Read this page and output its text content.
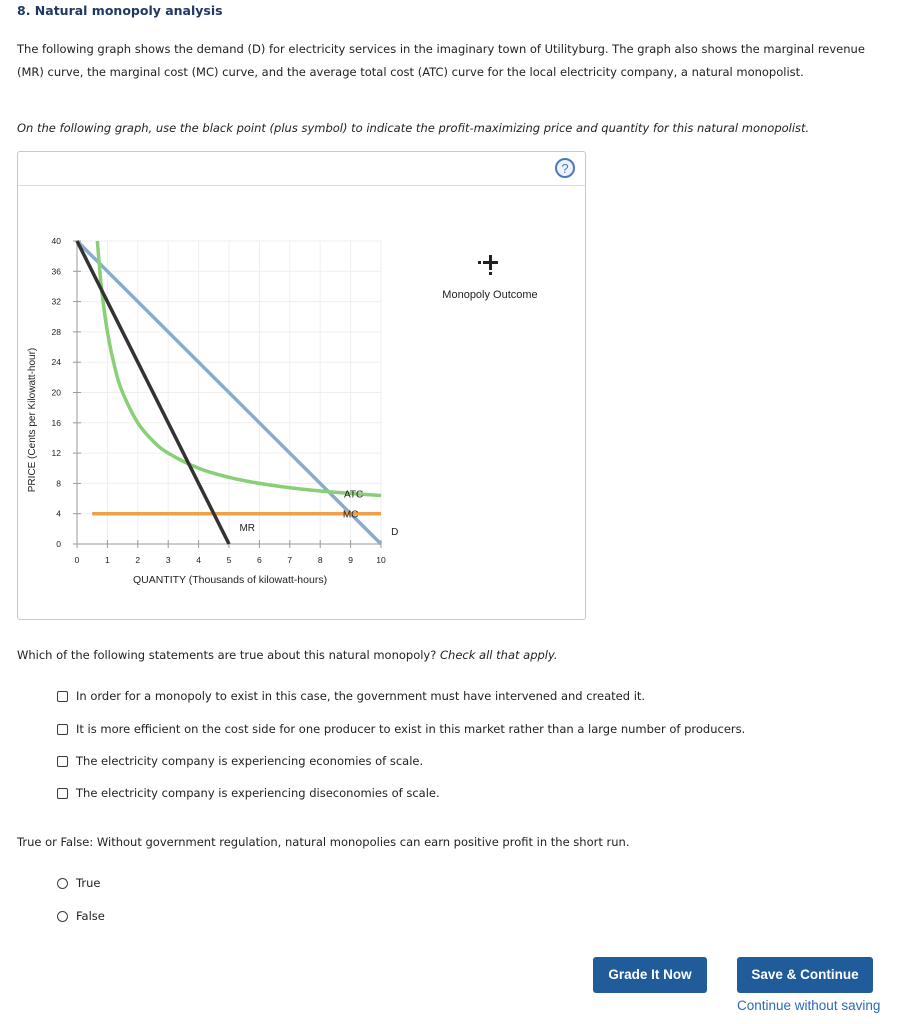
8. Natural monopoly analysis
The following graph shows the demand (D) for electricity services in the imaginary town of Utilityburg. The graph also shows the marginal revenue
(MR) curve, the marginal cost (MC) curve, and the average total cost (ATC) curve for the local electricity company, a natural monopolist.
On the following graph, use the black point (plus symbol) to indicate the profit-maximizing price and quantity for this natural monopolist.
?
0
4
8
12
16
20
24
28
32
36
40
0	1	2	3	4	5	6	7	8	9	10
ATC
MC
MR	D
PRICE (Cents per Kilowatt-hour)
QUANTITY (Thousands of kilowatt-hours)
Monopoly Outcome
Which of the following statements are true about this natural monopoly? Check all that apply.
In order for a monopoly to exist in this case, the government must have intervened and created it.
It is more efficient on the cost side for one producer to exist in this market rather than a large number of producers.
The electricity company is experiencing economies of scale.
The electricity company is experiencing diseconomies of scale.
True or False: Without government regulation, natural monopolies can earn positive profit in the short run.
True
False
Grade It Now	Save & Continue
Continue without saving
